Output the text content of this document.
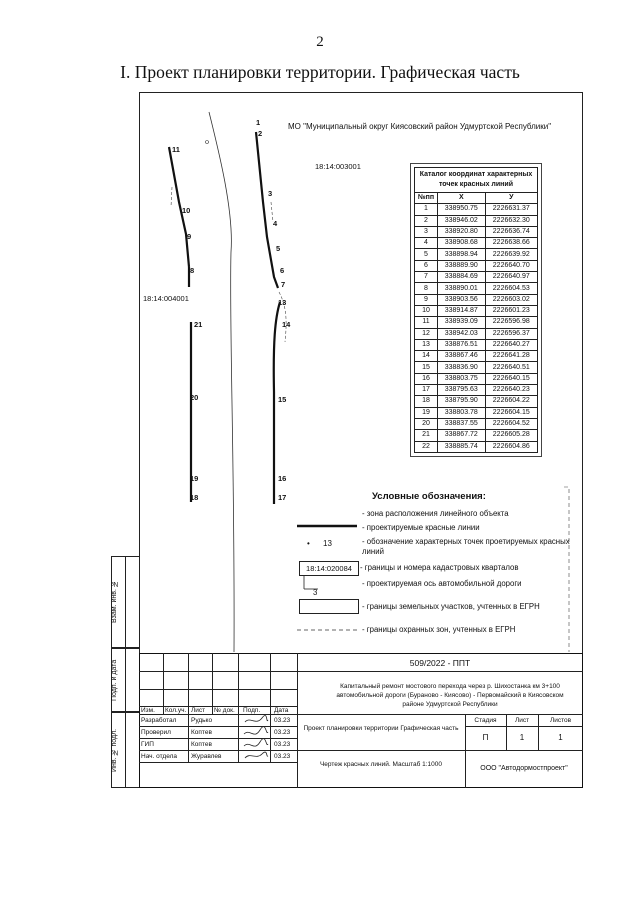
2
I. Проект планировки территории. Графическая часть
МО "Муниципальный округ Киясовский район Удмуртской Республики"
18:14:003001
18:14:004001
1
2
3
4
5
6
7
8
9
10
11
13
14
15
16
17
18
19
20
21
Каталог координат характерных точек красных линий
№пп	X	У
1	338950.75	2226631.37
2	338946.02	2226632.30
3	338920.80	2226636.74
4	338908.68	2226638.66
5	338898.94	2226639.92
6	338889.90	2226640.70
7	338884.69	2226640.97
8	338890.01	2226604.53
9	338903.56	2226603.02
10	338914.87	2226601.23
11	338939.09	2226596.98
12	338942.03	2226596.37
13	338876.51	2226640.27
14	338867.46	2226641.28
15	338836.90	2226640.51
16	338803.75	2226640.15
17	338795.63	2226640.23
18	338795.90	2226604.22
19	338803.78	2226604.15
20	338837.55	2226604.52
21	338867.72	2226605.28
22	338885.74	2226604.86
Условные обозначения:
- зона расположения линейного объекта
- проектируемые красные линии
13
•	- обозначение характерных точек проетируемых красных линий
18:14:020084	- границы и номера кадастровых кварталов
3
- проектируемая ось автомобильной дороги
- границы земельных участков, учтенных в ЕГРН
- границы охранных зон, учтенных в ЕГРН
Взам. инв. №
Подп. и дата
Инв. № подл.
509/2022 - ППТ
Капитальный ремонт мостового перехода через р. Шихостанка км 3+100 автомобильной дороги (Бураново - Киясово) - Первомайский в Киясовском районе Удмуртской Республики
Изм. Кол.уч. Лист № док. Подп. Дата
Разработал Рудько	03.23
Проверил	Коптев	03.23
ГИП	Коптев	03.23
Нач. отдела Журавлев	03.23
Проект планировки территории Графическая часть
Стадия	Лист	Листов
П	1	1
Чертеж красных линий. Масштаб 1:1000
ООО "Автодормостпроект"
